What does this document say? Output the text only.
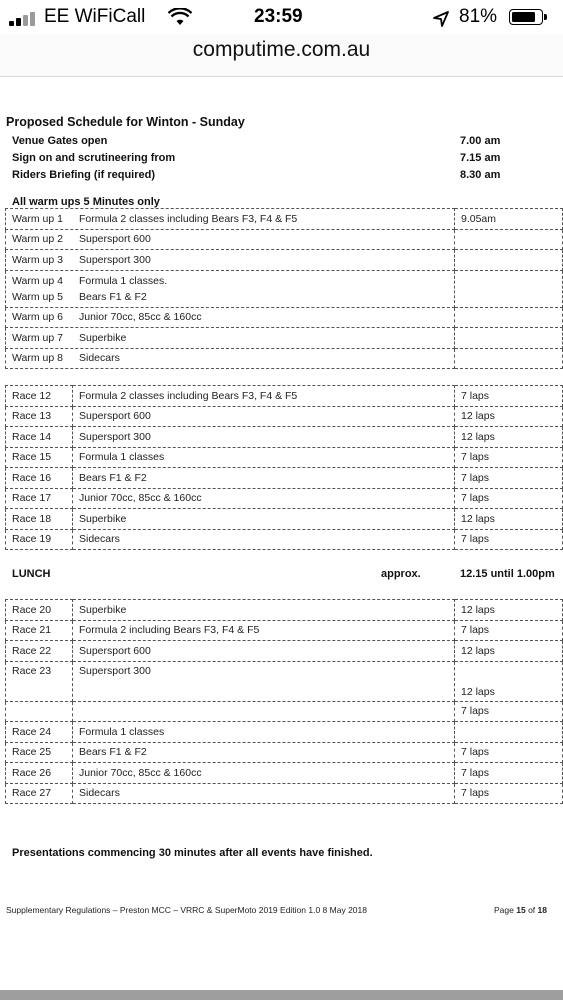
EE WiFiCall	23:59	81%
computime.com.au
Proposed Schedule for Winton - Sunday
Venue Gates open	7.00 am
Sign on and scrutineering from	7.15 am
Riders Briefing (if required)	8.30 am
All warm ups 5 Minutes only
Warm up 1 Formula 2 classes including Bears F3, F4 & F5	9.05am
Warm up 2 Supersport 600	
Warm up 3 Supersport 300	
Warm up 4 Formula 1 classes.
Warm up 5 Bears F1 & F2	
Warm up 6 Junior 70cc, 85cc & 160cc	
Warm up 7 Superbike	
Warm up 8 Sidecars	
Race 12	Formula 2 classes including Bears F3, F4 & F5	7 laps
Race 13	Supersport 600	12 laps
Race 14	Supersport 300	12 laps
Race 15	Formula 1 classes	7 laps
Race 16	Bears F1 & F2	7 laps
Race 17	Junior 70cc, 85cc & 160cc	7 laps
Race 18	Superbike	12 laps
Race 19	Sidecars	7 laps
LUNCH	approx.	12.15 until 1.00pm
Race 20	Superbike	12 laps
Race 21	Formula 2 including Bears F3, F4 & F5	7 laps
Race 22	Supersport 600	12 laps
Race 23	Supersport 300	12 laps
		7 laps
Race 24	Formula 1 classes	
Race 25	Bears F1 & F2	7 laps
Race 26	Junior 70cc, 85cc & 160cc	7 laps
Race 27	Sidecars	7 laps
Presentations commencing 30 minutes after all events have finished.
Supplementary Regulations – Preston MCC – VRRC & SuperMoto 2019 Edition 1.0 8 May 2018	Page 15 of 18
